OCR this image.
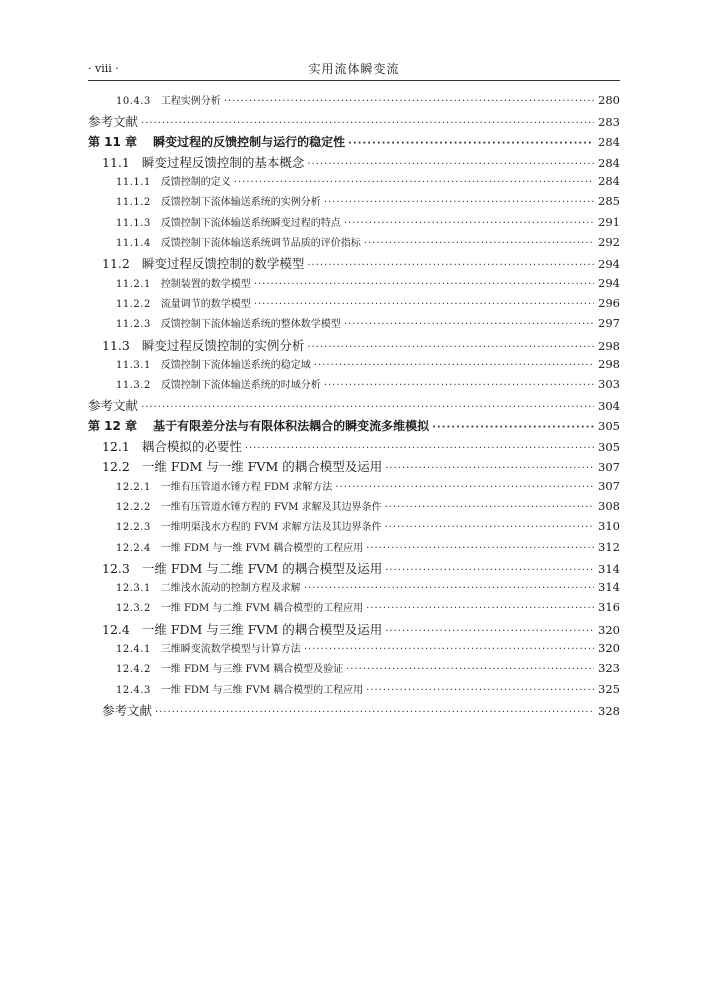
· viii ·	实用流体瞬变流
10.4.3 工程实例分析 ·····	280
参考文献 ·····	283
第 11 章 瞬变过程的反馈控制与运行的稳定性 ·····	284
11.1 瞬变过程反馈控制的基本概念 ·····	284
11.1.1 反馈控制的定义 ·····	284
11.1.2 反馈控制下流体输送系统的实例分析 ·····	285
11.1.3 反馈控制下流体输送系统瞬变过程的特点 ·····	291
11.1.4 反馈控制下流体输送系统调节品质的评价指标 ·····	292
11.2 瞬变过程反馈控制的数学模型 ·····	294
11.2.1 控制装置的数学模型 ·····	294
11.2.2 流量调节的数学模型 ·····	296
11.2.3 反馈控制下流体输送系统的整体数学模型 ·····	297
11.3 瞬变过程反馈控制的实例分析 ·····	298
11.3.1 反馈控制下流体输送系统的稳定域 ·····	298
11.3.2 反馈控制下流体输送系统的时域分析 ·····	303
参考文献 ·····	304
第 12 章 基于有限差分法与有限体积法耦合的瞬变流多维模拟 ·····	305
12.1 耦合模拟的必要性 ·····	305
12.2 一维 FDM 与一维 FVM 的耦合模型及运用 ·····	307
12.2.1 一维有压管道水锤方程 FDM 求解方法 ·····	307
12.2.2 一维有压管道水锤方程的 FVM 求解及其边界条件 ·····	308
12.2.3 一维明渠浅水方程的 FVM 求解方法及其边界条件 ·····	310
12.2.4 一维 FDM 与一维 FVM 耦合模型的工程应用 ·····	312
12.3 一维 FDM 与二维 FVM 的耦合模型及运用 ·····	314
12.3.1 二维浅水流动的控制方程及求解 ·····	314
12.3.2 一维 FDM 与二维 FVM 耦合模型的工程应用 ·····	316
12.4 一维 FDM 与三维 FVM 的耦合模型及运用 ·····	320
12.4.1 三维瞬变流数学模型与计算方法 ·····	320
12.4.2 一维 FDM 与三维 FVM 耦合模型及验证 ·····	323
12.4.3 一维 FDM 与三维 FVM 耦合模型的工程应用 ·····	325
参考文献 ·····	328
